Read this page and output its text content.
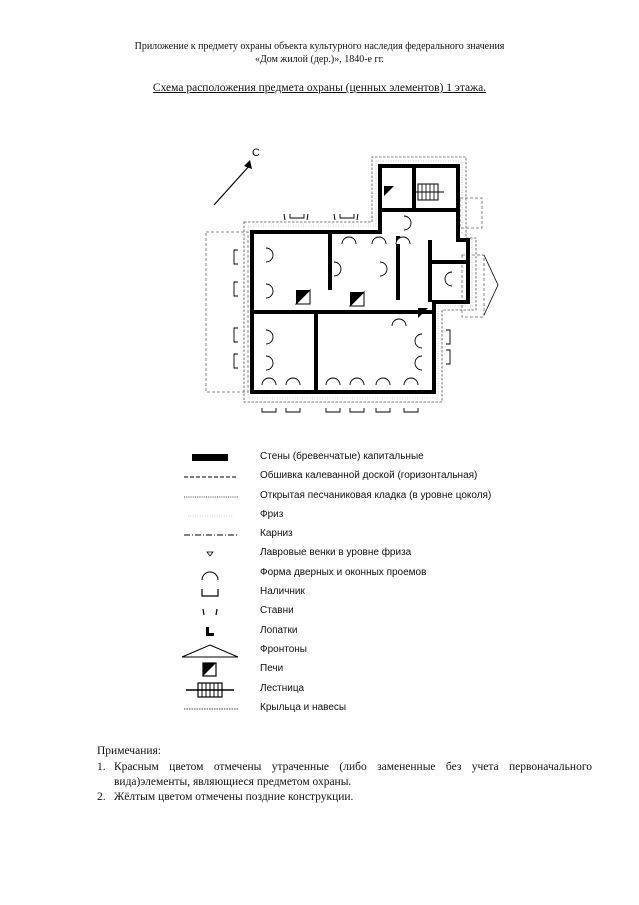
Приложение к предмету охраны объекта культурного наследия федерального значения
«Дом жилой (дер.)», 1840-е гг.
Схема расположения предмета охраны (ценных элементов) 1 этажа.
С
Стены (бревенчатые) капитальные
Обшивка калеванной доской (горизонтальная)
Открытая песчаниковая кладка (в уровне цоколя)
Фриз
Карниз
Лавровые венки в уровне фриза
Форма дверных и оконных проемов
Наличник
Ставни
Лопатки
Фронтоны
Печи
Лестница
Крыльца и навесы
Примечания:
1. Красным цветом отмечены утраченные (либо замененные без учета первоначального вида)элементы, являющиеся предметом охраны.
2. Жёлтым цветом отмечены поздние конструкции.
